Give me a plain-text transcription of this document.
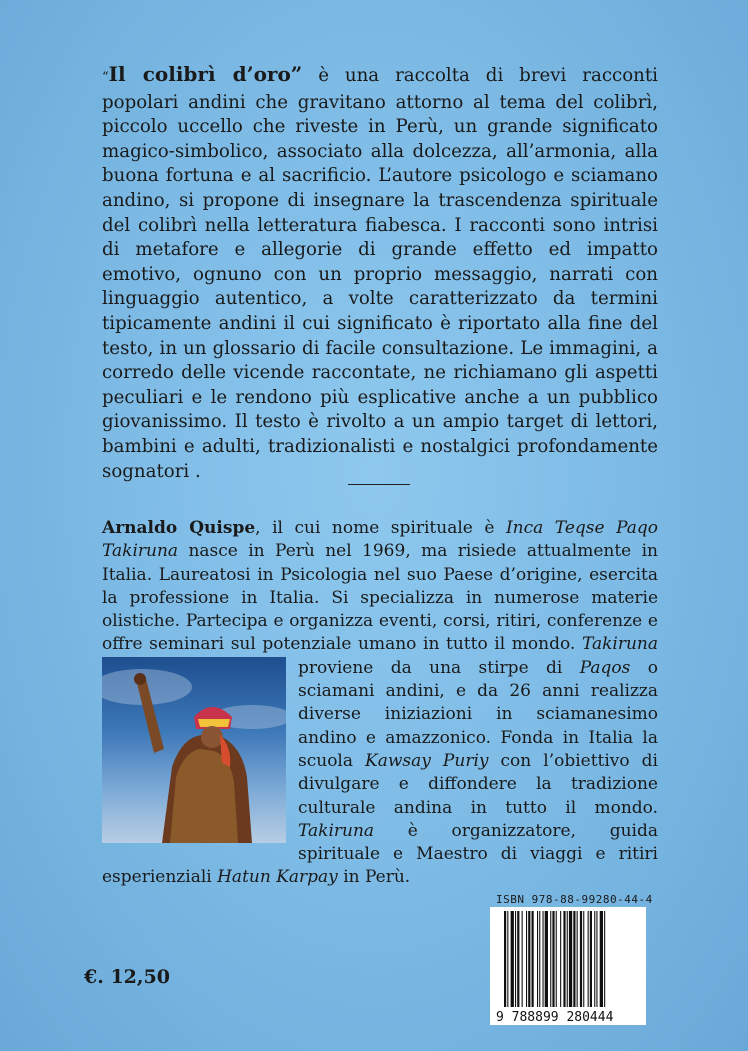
“Il colibrì d’oro” è una raccolta di brevi racconti popolari andini che gravitano attorno al tema del colibrì, piccolo uccello che riveste in Perù, un grande significato magico-simbolico, associato alla dolcezza, all’armonia, alla buona fortuna e al sacrificio. L’autore psicologo e sciamano andino, si propone di insegnare la trascendenza spirituale del colibrì nella letteratura fiabesca. I racconti sono intrisi di metafore e allegorie di grande effetto ed impatto emotivo, ognuno con un proprio messaggio, narrati con linguaggio autentico, a volte caratterizzato da termini tipicamente andini il cui significato è riportato alla fine del testo, in un glossario di facile consultazione. Le immagini, a corredo delle vicende raccontate, ne richiamano gli aspetti peculiari e le rendono più esplicative anche a un pubblico giovanissimo. Il testo è rivolto a un ampio target di lettori, bambini e adulti, tradizionalisti e nostalgici profondamente sognatori .
Arnaldo Quispe, il cui nome spirituale è Inca Teqse Paqo Takiruna nasce in Perù nel 1969, ma risiede attualmente in Italia. Laureatosi in Psicologia nel suo Paese d’origine, esercita la professione in Italia. Si specializza in numerose materie olistiche. Partecipa e organizza eventi, corsi, ritiri, conferenze e offre seminari sul potenziale umano in tutto il mondo.
Takiruna proviene da una stirpe di Paqos o sciamani andini, e da 26 anni realizza diverse iniziazioni in sciamanesimo andino e amazzonico. Fonda in Italia la scuola Kawsay Puriy con l’obiettivo di divulgare e diffondere la tradizione culturale andina in tutto il mondo. Takiruna è organizzatore, guida spirituale e Maestro di viaggi e ritiri esperienziali Hatun Karpay in Perù.
ISBN 978-88-99280-44-4
9 788899 280444
€. 12,50
